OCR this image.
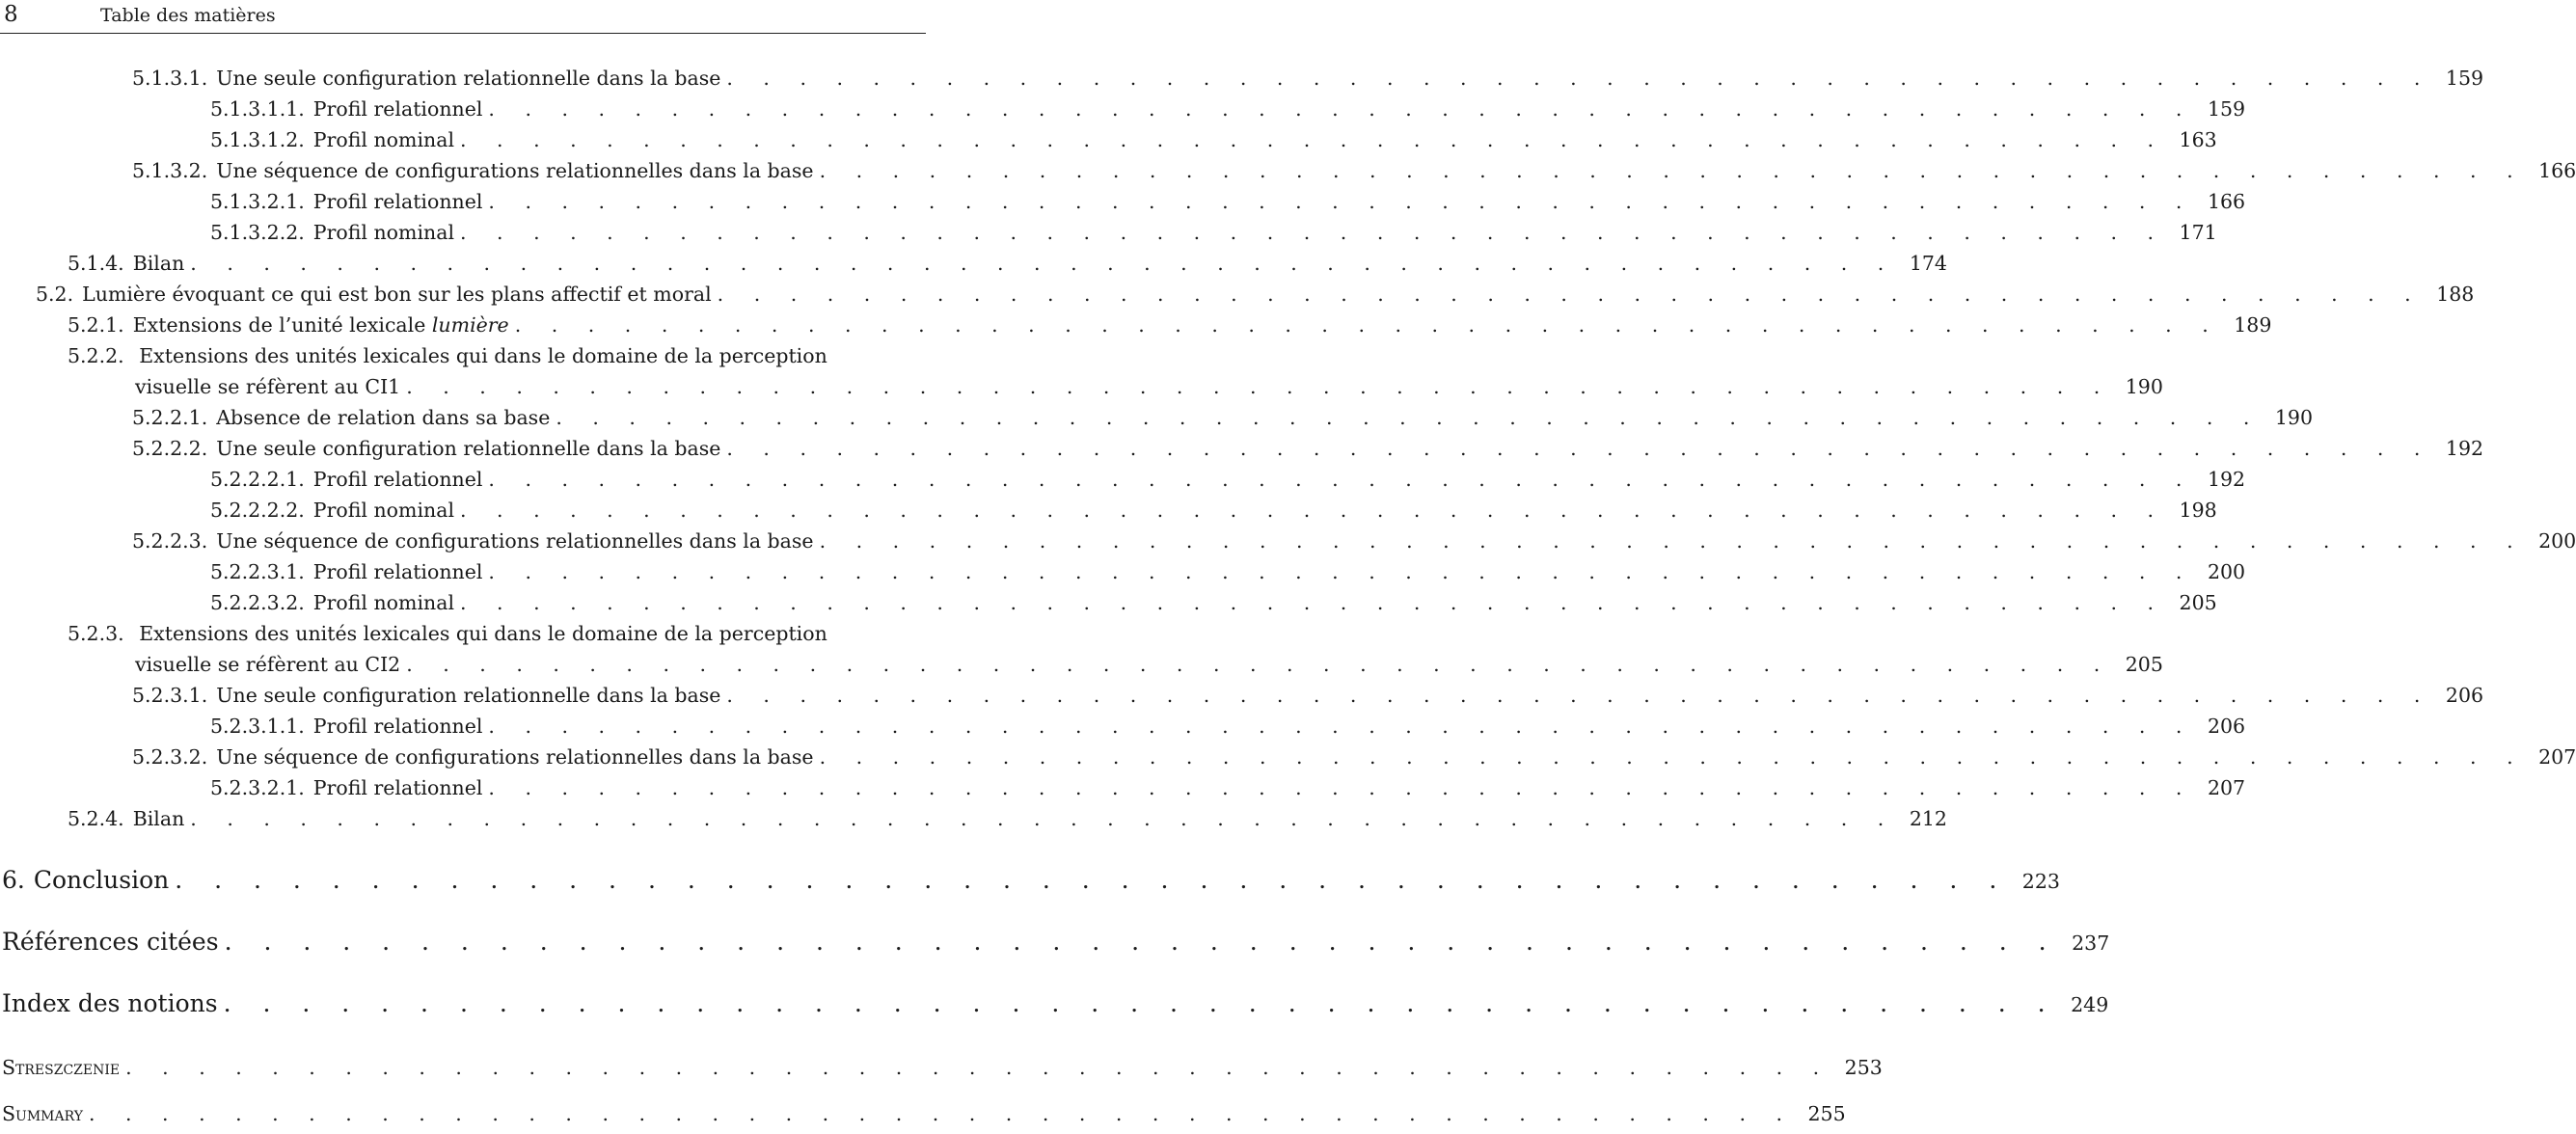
8	Table des matières
5.1.3.1. Une seule configuration relationnelle dans la base . . .	159
5.1.3.1.1. Profil relationnel . . .	159
5.1.3.1.2. Profil nominal . . .	163
5.1.3.2. Une séquence de configurations relationnelles dans la base . . .	166
5.1.3.2.1. Profil relationnel . . .	166
5.1.3.2.2. Profil nominal . . .	171
5.1.4. Bilan . . .	174
5.2. Lumière évoquant ce qui est bon sur les plans affectif et moral . . .	188
5.2.1. Extensions de l’unité lexicale lumière . . .	189
5.2.2. Extensions des unités lexicales qui dans le domaine de la perception
visuelle se réfèrent au CI1 . . .	190
5.2.2.1. Absence de relation dans sa base . . .	190
5.2.2.2. Une seule configuration relationnelle dans la base . . .	192
5.2.2.2.1. Profil relationnel . . .	192
5.2.2.2.2. Profil nominal . . .	198
5.2.2.3. Une séquence de configurations relationnelles dans la base . . .	200
5.2.2.3.1. Profil relationnel . . .	200
5.2.2.3.2. Profil nominal . . .	205
5.2.3. Extensions des unités lexicales qui dans le domaine de la perception
visuelle se réfèrent au CI2 . . .	205
5.2.3.1. Une seule configuration relationnelle dans la base . . .	206
5.2.3.1.1. Profil relationnel . . .	206
5.2.3.2. Une séquence de configurations relationnelles dans la base . . .	207
5.2.3.2.1. Profil relationnel . . .	207
5.2.4. Bilan . . .	212
6. Conclusion . . .	223
Références citées . . .	237
Index des notions . . .	249
Streszczenie . . .	253
Summary . . .	255
